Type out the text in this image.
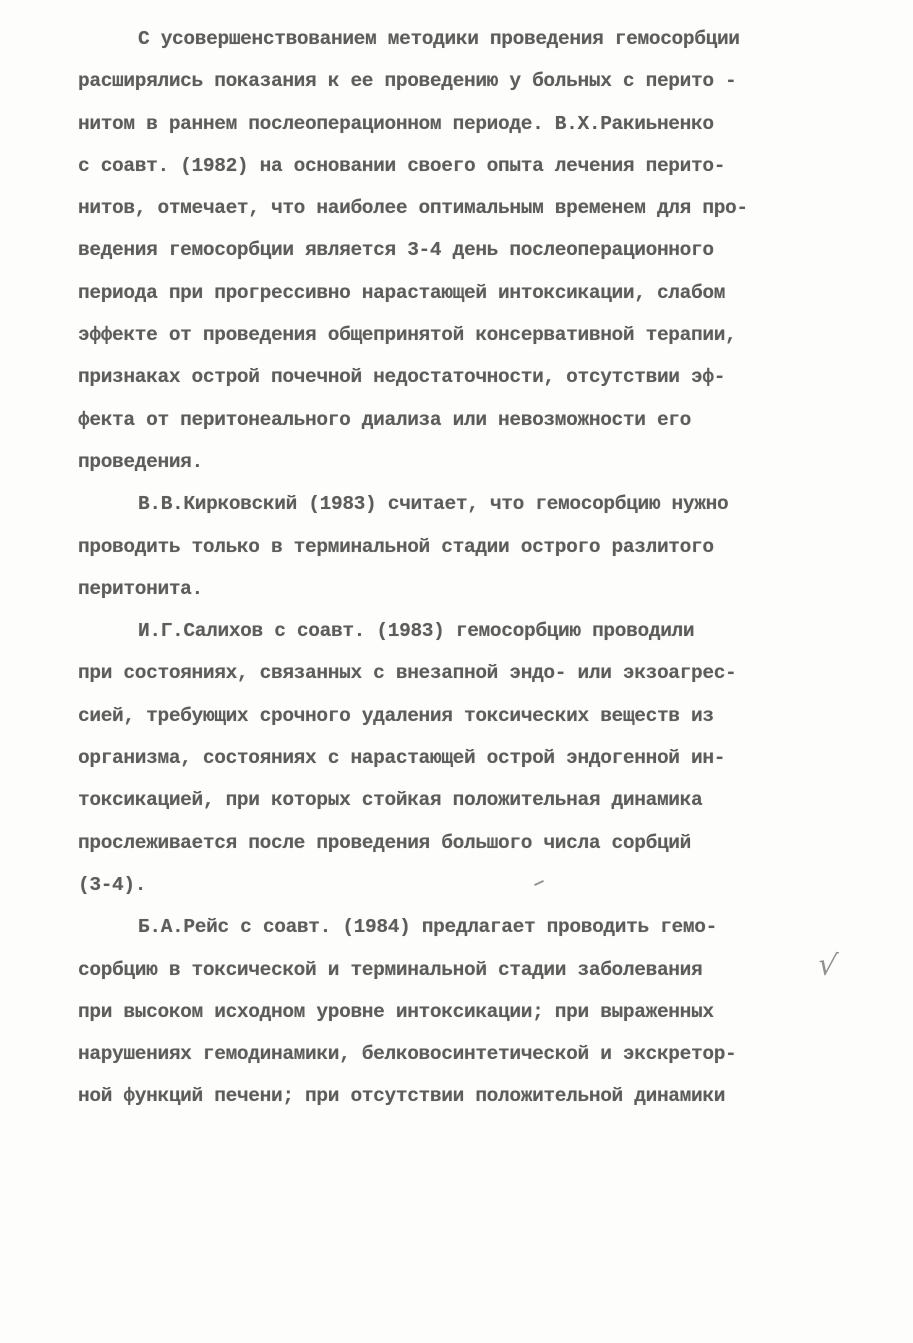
С усовершенствованием методики проведения гемосорбции
расширялись показания к ее проведению у больных с перито -
нитом в раннем послеоперационном периоде. В.Х.Ракиьненко
с соавт. (1982) на основании своего опыта лечения перито-
нитов, отмечает, что наиболее оптимальным временем для про-
ведения гемосорбции является 3-4 день послеоперационного
периода при прогрессивно нарастающей интоксикации, слабом
эффекте от проведения общепринятой консервативной терапии,
признаках острой почечной недостаточности, отсутствии эф-
фекта от перитонеального диализа или невозможности его
проведения.
В.В.Кирковский (1983) считает, что гемосорбцию нужно
проводить только в терминальной стадии острого разлитого
перитонита.
И.Г.Салихов с соавт. (1983) гемосорбцию проводили
при состояниях, связанных с внезапной эндо- или экзоагрес-
сией, требующих срочного удаления токсических веществ из
организма, состояниях с нарастающей острой эндогенной ин-
токсикацией, при которых стойкая положительная динамика
прослеживается после проведения большого числа сорбций
(3-4).
Б.А.Рейс с соавт. (1984) предлагает проводить гемо-
сорбцию в токсической и терминальной стадии заболевания
при высоком исходном уровне интоксикации; при выраженных
нарушениях гемодинамики, белковосинтетической и экскретор-
ной функций печени; при отсутствии положительной динамики
√
